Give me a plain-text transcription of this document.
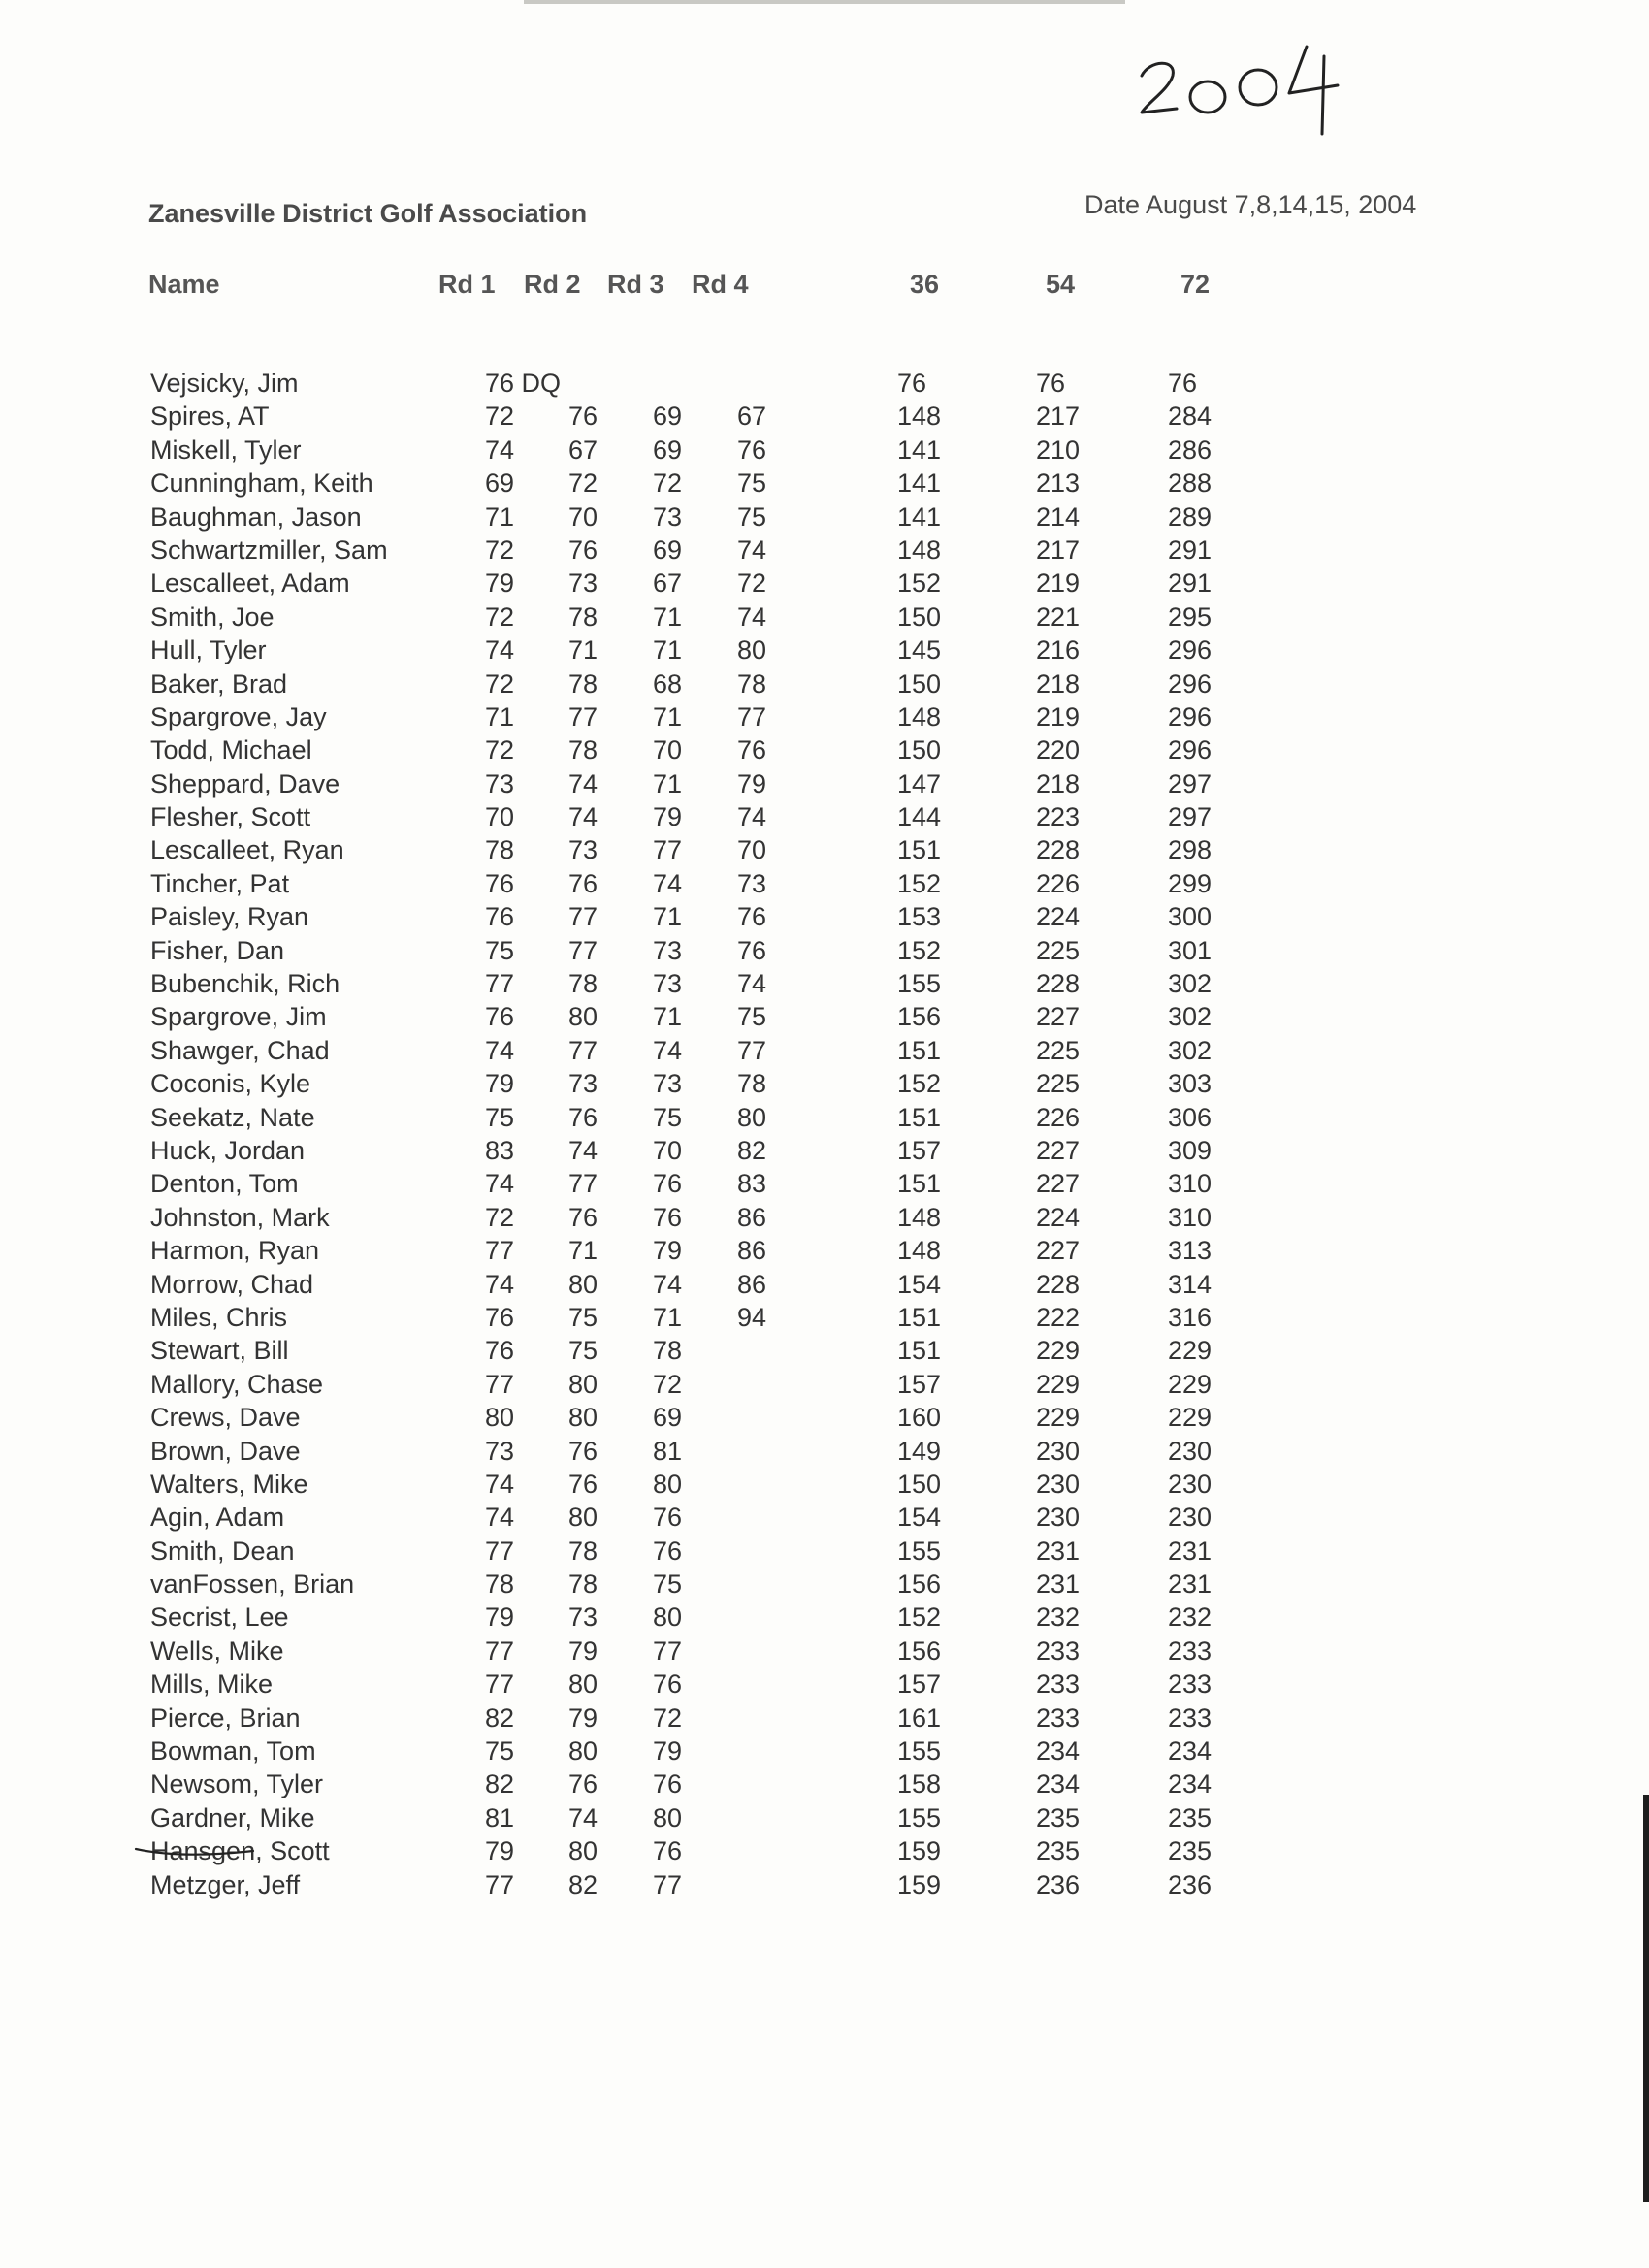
Zanesville District Golf Association	Date August 7,8,14,15, 2004
Name	Rd 1 Rd 2 Rd 3 Rd 4	36	54	72
Vejsicky, Jim	76 DQ	76	76	76
Spires, AT	72 76 69 67	148	217	284
Miskell, Tyler	74 67 69 76	141	210	286
Cunningham, Keith	69 72 72 75	141	213	288
Baughman, Jason	71 70 73 75	141	214	289
Schwartzmiller, Sam	72 76 69 74	148	217	291
Lescalleet, Adam	79 73 67 72	152	219	291
Smith, Joe	72 78 71 74	150	221	295
Hull, Tyler	74 71 71 80	145	216	296
Baker, Brad	72 78 68 78	150	218	296
Spargrove, Jay	71 77 71 77	148	219	296
Todd, Michael	72 78 70 76	150	220	296
Sheppard, Dave	73 74 71 79	147	218	297
Flesher, Scott	70 74 79 74	144	223	297
Lescalleet, Ryan	78 73 77 70	151	228	298
Tincher, Pat	76 76 74 73	152	226	299
Paisley, Ryan	76 77 71 76	153	224	300
Fisher, Dan	75 77 73 76	152	225	301
Bubenchik, Rich	77 78 73 74	155	228	302
Spargrove, Jim	76 80 71 75	156	227	302
Shawger, Chad	74 77 74 77	151	225	302
Coconis, Kyle	79 73 73 78	152	225	303
Seekatz, Nate	75 76 75 80	151	226	306
Huck, Jordan	83 74 70 82	157	227	309
Denton, Tom	74 77 76 83	151	227	310
Johnston, Mark	72 76 76 86	148	224	310
Harmon, Ryan	77 71 79 86	148	227	313
Morrow, Chad	74 80 74 86	154	228	314
Miles, Chris	76 75 71 94	151	222	316
Stewart, Bill	76 75 78	151	229	229
Mallory, Chase	77 80 72	157	229	229
Crews, Dave	80 80 69	160	229	229
Brown, Dave	73 76 81	149	230	230
Walters, Mike	74 76 80	150	230	230
Agin, Adam	74 80 76	154	230	230
Smith, Dean	77 78 76	155	231	231
vanFossen, Brian	78 78 75	156	231	231
Secrist, Lee	79 73 80	152	232	232
Wells, Mike	77 79 77	156	233	233
Mills, Mike	77 80 76	157	233	233
Pierce, Brian	82 79 72	161	233	233
Bowman, Tom	75 80 79	155	234	234
Newsom, Tyler	82 76 76	158	234	234
Gardner, Mike	81 74 80	155	235	235
Hansgen, Scott	79 80 76	159	235	235
Metzger, Jeff	77 82 77	159	236	236
